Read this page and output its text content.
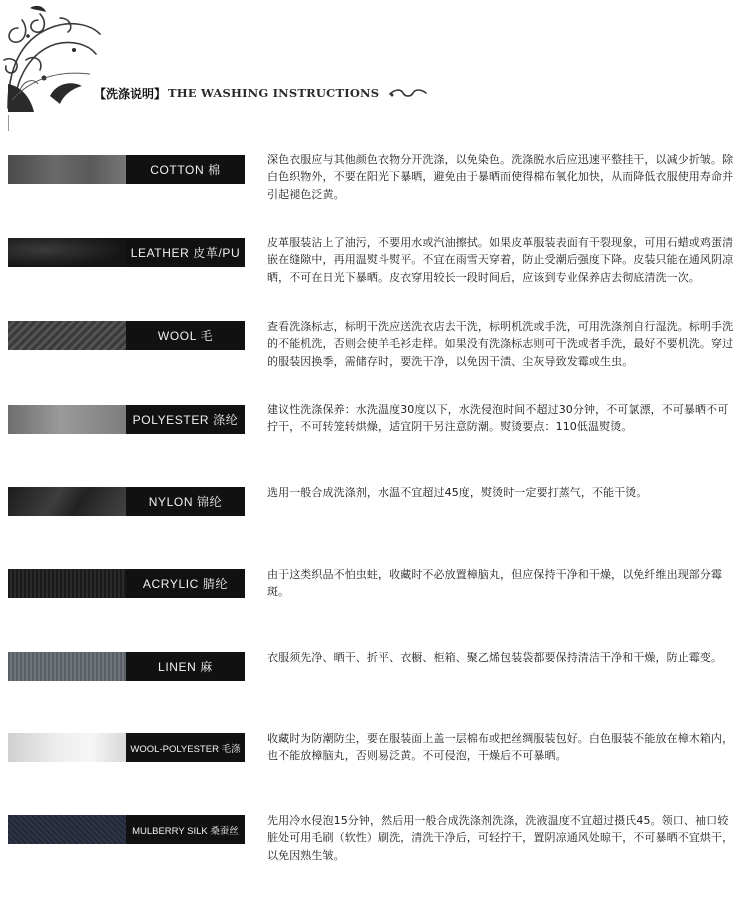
【洗涤说明】 THE WASHING INSTRUCTIONS
COTTON 棉
深色衣服应与其他颜色衣物分开洗涤，以免染色。洗涤脱水后应迅速平整挂干，以减少折皱。除白色织物外，不要在阳光下暴晒，避免由于暴晒而使得棉布氧化加快，从而降低衣服使用寿命并引起褪色泛黄。
LEATHER 皮革/PU
皮革服装沾上了油污，不要用水或汽油擦拭。如果皮革服装表面有干裂现象，可用石蜡或鸡蛋清嵌在缝隙中，再用温熨斗熨平。不宜在雨雪天穿着，防止受潮后强度下降。皮装只能在通风阴凉晒，不可在日光下暴晒。皮衣穿用较长一段时间后，应该到专业保养店去彻底清洗一次。
WOOL 毛
查看洗涤标志，标明干洗应送洗衣店去干洗，标明机洗或手洗，可用洗涤剂自行湿洗。标明手洗的不能机洗，否则会使羊毛衫走样。如果没有洗涤标志则可干洗或者手洗，最好不要机洗。穿过的服装因换季，需储存时，要洗干净，以免因干渍、尘灰导致发霉或生虫。
POLYESTER 涤纶
建议性洗涤保养：水洗温度30度以下，水洗侵泡时间不超过30分钟，不可氯漂，不可暴晒不可拧干，不可转笼转烘燥，适宜阴干另注意防潮。熨烫要点：110低温熨烫。
NYLON 锦纶
选用一般合成洗涤剂，水温不宜超过45度，熨烫时一定要打蒸气，不能干烫。
ACRYLIC 腈纶
由于这类织品不怕虫蛀，收藏时不必放置樟脑丸，但应保持干净和干燥，以免纤维出现部分霉斑。
LINEN 麻
衣服须先净、晒干、折平、衣橱、柜箱、聚乙烯包装袋都要保持清洁干净和干燥，防止霉变。
WOOL-POLYESTER 毛涤
收藏时为防潮防尘，要在服装面上盖一层棉布或把丝绸服装包好。白色服装不能放在樟木箱内，也不能放樟脑丸，否则易泛黄。不可侵泡，干燥后不可暴晒。
MULBERRY SILK 桑蚕丝
先用冷水侵泡15分钟，然后用一般合成洗涤剂洗涤，洗液温度不宜超过摄氏45。领口、袖口较脏处可用毛刷（软性）刷洗，清洗干净后，可轻拧干，置阴凉通风处晾干，不可暴晒不宜烘干，以免因熟生皱。
